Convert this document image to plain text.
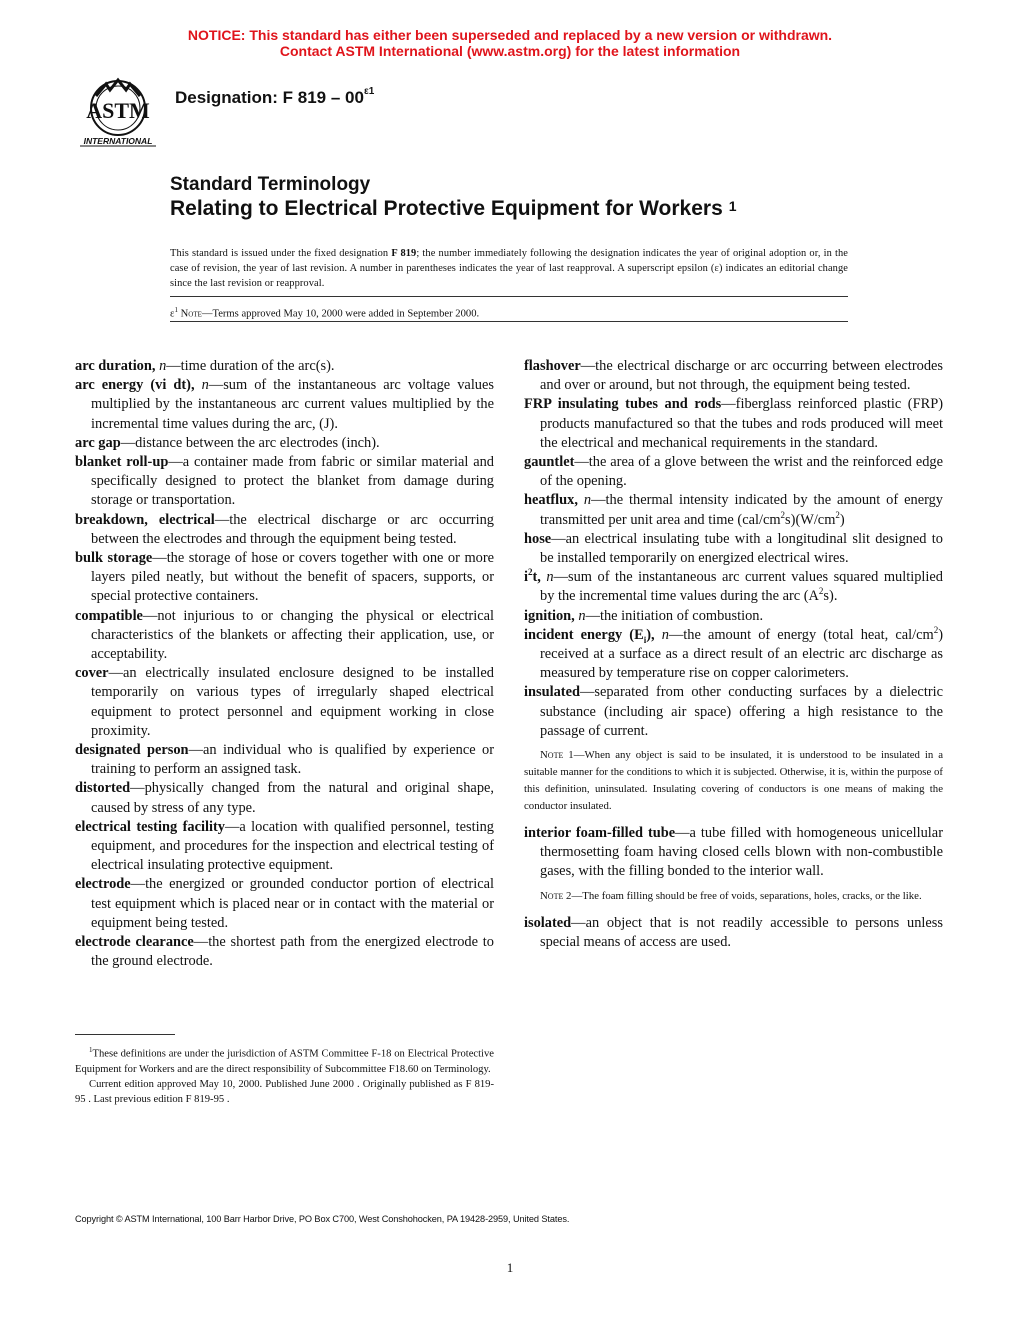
NOTICE: This standard has either been superseded and replaced by a new version or withdrawn.
Contact ASTM International (www.astm.org) for the latest information
ASTM
INTERNATIONAL
Designation: F $819 - 00^{\varepsilon 1}$
Standard Terminology
Relating to Electrical Protective Equipment for Workers $^1$
This standard is issued under the fixed designation F 819; the number immediately following the designation indicates the year of original adoption or, in the case of revision, the year of last revision. A number in parentheses indicates the year of last reapproval. A superscript epsilon (ε) indicates an editorial change since the last revision or reapproval.
$\varepsilon^1$ Note—Terms approved May 10, 2000 were added in September 2000.

arc duration, n—time duration of the arc(s).

arc energy (vi dt), n—sum of the instantaneous arc voltage values multiplied by the instantaneous arc current values multiplied by the incremental time values during the arc, (J).

arc gap—distance between the arc electrodes (inch).

blanket roll-up—a container made from fabric or similar material and specifically designed to protect the blanket from damage during storage or transportation.

breakdown, electrical—the electrical discharge or arc occurring between the electrodes and through the equipment being tested.

bulk storage—the storage of hose or covers together with one or more layers piled neatly, but without the benefit of spacers, supports, or special protective containers.

compatible—not injurious to or changing the physical or electrical characteristics of the blankets or affecting their application, use, or acceptability.

cover—an electrically insulated enclosure designed to be installed temporarily on various types of irregularly shaped electrical equipment to protect personnel and equipment working in close proximity.

designated person—an individual who is qualified by experience or training to perform an assigned task.

distorted—physically changed from the natural and original shape, caused by stress of any type.

electrical testing facility—a location with qualified personnel, testing equipment, and procedures for the inspection and electrical testing of electrical insulating protective equipment.

electrode—the energized or grounded conductor portion of electrical test equipment which is placed near or in contact with the material or equipment being tested.

electrode clearance—the shortest path from the energized electrode to the ground electrode.

flashover—the electrical discharge or arc occurring between electrodes and over or around, but not through, the equipment being tested.

FRP insulating tubes and rods—fiberglass reinforced plastic (FRP) products manufactured so that the tubes and rods produced will meet the electrical and mechanical requirements in the standard.

gauntlet—the area of a glove between the wrist and the reinforced edge of the opening.

heatflux, n—the thermal intensity indicated by the amount of energy transmitted per unit area and time $(cal/cm^2s)(W/cm^2)$

hose—an electrical insulating tube with a longitudinal slit designed to be installed temporarily on energized electrical wires.

$i^2t$, n—sum of the instantaneous arc current values squared multiplied by the incremental time values during the arc $(A^2s)$.

ignition, n—the initiation of combustion.

incident energy $(E_i)$, n—the amount of energy (total heat, cal/$cm^2$) received at a surface as a direct result of an electric arc discharge as measured by temperature rise on copper calorimeters.

insulated—separated from other conducting surfaces by a dielectric substance (including air space) offering a high resistance to the passage of current.

Note 1—When any object is said to be insulated, it is understood to be insulated in a suitable manner for the conditions to which it is subjected. Otherwise, it is, within the purpose of this definition, uninsulated. Insulating covering of conductors is one means of making the conductor insulated.

interior foam-filled tube—a tube filled with homogeneous unicellular thermosetting foam having closed cells blown with non-combustible gases, with the filling bonded to the interior wall.

Note 2—The foam filling should be free of voids, separations, holes, cracks, or the like.

isolated—an object that is not readily accessible to persons unless special means of access are used.

$^1$These definitions are under the jurisdiction of ASTM Committee F-18 on Electrical Protective Equipment for Workers and are the direct responsibility of Subcommittee F18.60 on Terminology.

Current edition approved May 10, 2000. Published June 2000 . Originally published as F 819-95 . Last previous edition F 819-95 .

Copyright © ASTM International, 100 Barr Harbor Drive, PO Box C700, West Conshohocken, PA 19428-2959, United States.
1
